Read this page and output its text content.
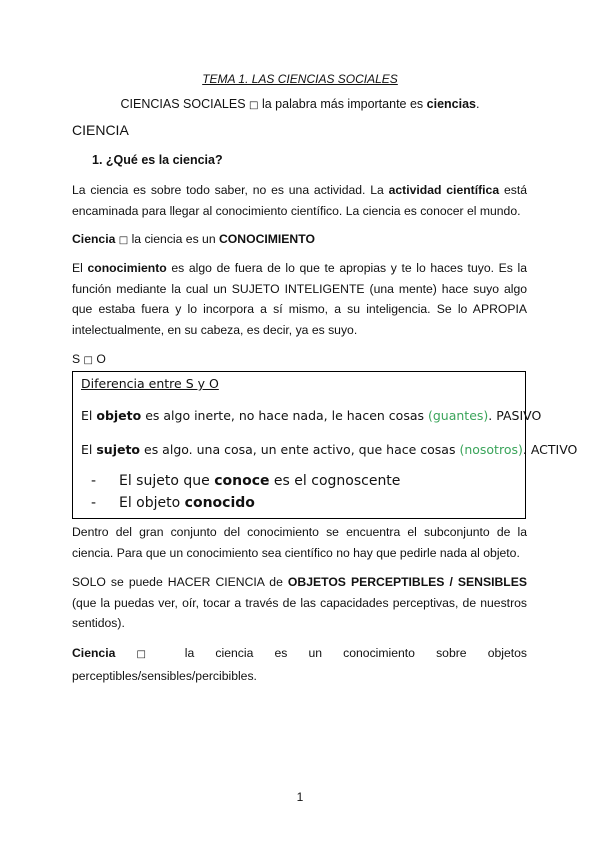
TEMA 1. LAS CIENCIAS SOCIALES
CIENCIAS SOCIALES □ la palabra más importante es ciencias.
CIENCIA
1. ¿Qué es la ciencia?
La ciencia es sobre todo saber, no es una actividad. La actividad científica está encaminada para llegar al conocimiento científico. La ciencia es conocer el mundo.
Ciencia □ la ciencia es un CONOCIMIENTO
El conocimiento es algo de fuera de lo que te apropias y te lo haces tuyo. Es la función mediante la cual un SUJETO INTELIGENTE (una mente) hace suyo algo que estaba fuera y lo incorpora a sí mismo, a su inteligencia. Se lo APROPIA intelectualmente, en su cabeza, es decir, ya es suyo.
S □ O
Diferencia entre S y O
El objeto es algo inerte, no hace nada, le hacen cosas (guantes). PASIVO
El sujeto es algo. una cosa, un ente activo, que hace cosas (nosotros). ACTIVO
- El sujeto que conoce es el cognoscente
- El objeto conocido
Dentro del gran conjunto del conocimiento se encuentra el subconjunto de la ciencia. Para que un conocimiento sea científico no hay que pedirle nada al objeto.
SOLO se puede HACER CIENCIA de OBJETOS PERCEPTIBLES / SENSIBLES (que la puedas ver, oír, tocar a través de las capacidades perceptivas, de nuestros sentidos).
Ciencia □ la ciencia es un conocimiento sobre objetos perceptibles/sensibles/percibibles.
1
